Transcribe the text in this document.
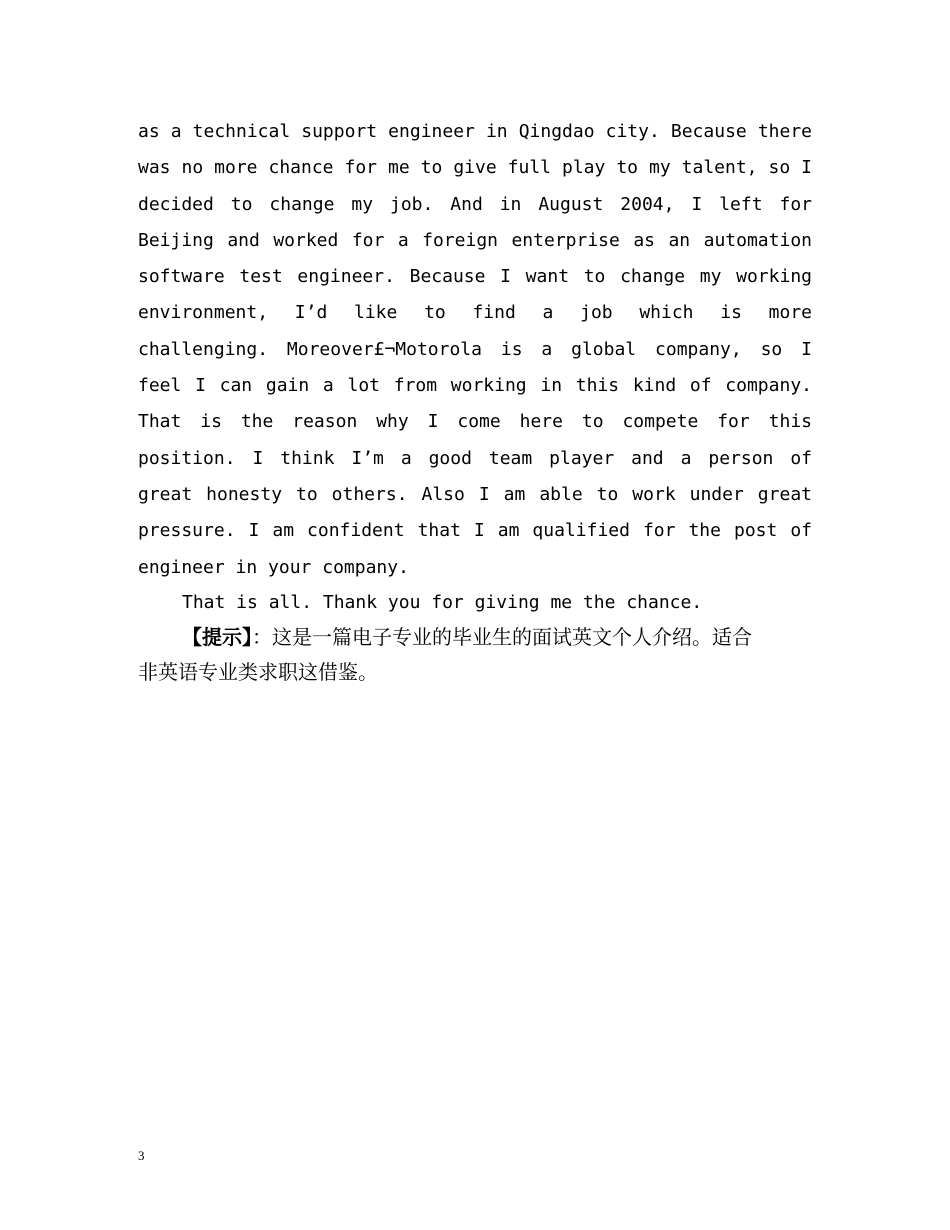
as a technical support engineer in Qingdao city. Because there
was no more chance for me to give full play to my talent, so I
decided to change my job. And in August 2004, I left for
Beijing and worked for a foreign enterprise as an automation
software test engineer. Because I want to change my working
environment, I’d like to find a job which is more
challenging. Moreover£¬Motorola is a global company, so I
feel I can gain a lot from working in this kind of company.
That is the reason why I come here to compete for this
position. I think I’m a good team player and a person of
great honesty to others. Also I am able to work under great
pressure. I am confident that I am qualified for the post of
engineer in your company.
That is all. Thank you for giving me the chance.
【提示】：这是一篇电子专业的毕业生的面试英文个人介绍。适合
非英语专业类求职这借鉴。
3
